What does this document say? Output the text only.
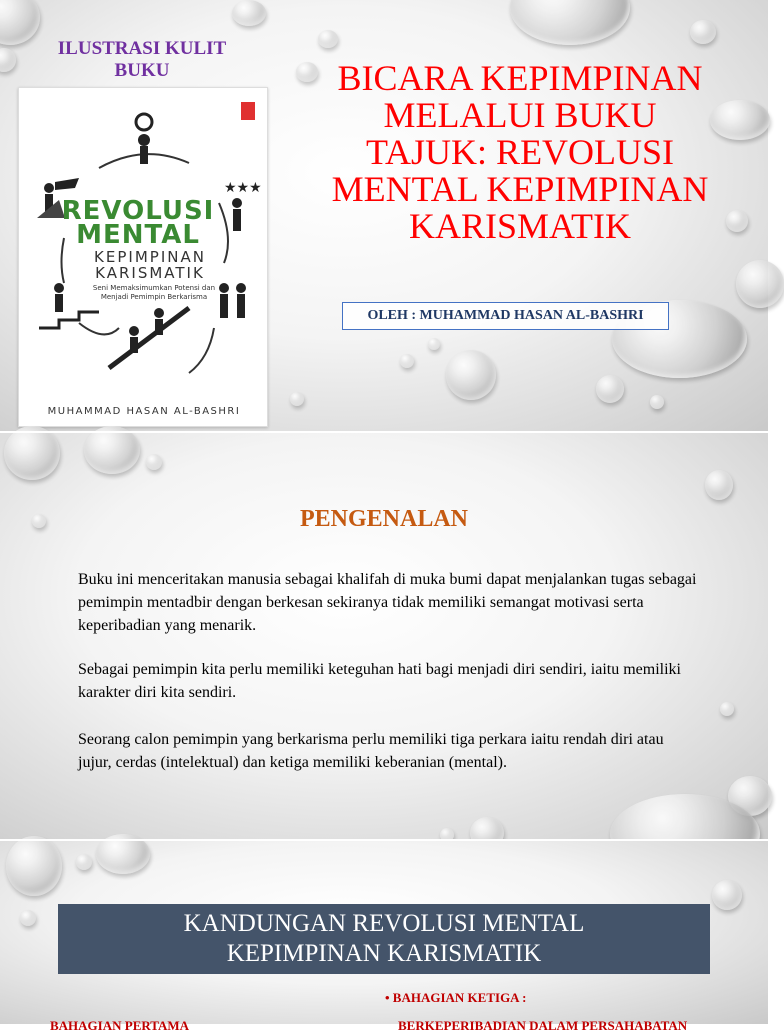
ILUSTRASI KULIT
BUKU
★★★
REVOLUSI
MENTAL
KEPIMPINAN
KARISMATIK
Seni Memaksimumkan Potensi dan
Menjadi Pemimpin Berkarisma
MUHAMMAD HASAN AL-BASHRI
BICARA KEPIMPINAN
MELALUI BUKU
TAJUK: REVOLUSI
MENTAL KEPIMPINAN
KARISMATIK
OLEH : MUHAMMAD HASAN AL-BASHRI
PENGENALAN
Buku ini menceritakan manusia sebagai khalifah di muka bumi dapat menjalankan tugas sebagai pemimpin mentadbir dengan berkesan sekiranya tidak memiliki semangat motivasi serta keperibadian yang menarik.
Sebagai pemimpin kita perlu memiliki keteguhan hati bagi menjadi diri sendiri, iaitu memiliki karakter diri kita sendiri.
Seorang calon pemimpin yang berkarisma perlu memiliki tiga perkara iaitu rendah diri atau jujur, cerdas (intelektual) dan ketiga memiliki keberanian (mental).
KANDUNGAN REVOLUSI MENTAL
KEPIMPINAN KARISMATIK
• BAHAGIAN KETIGA :
BAHAGIAN PERTAMA	BERKEPERIBADIAN DALAM PERSAHABATAN
